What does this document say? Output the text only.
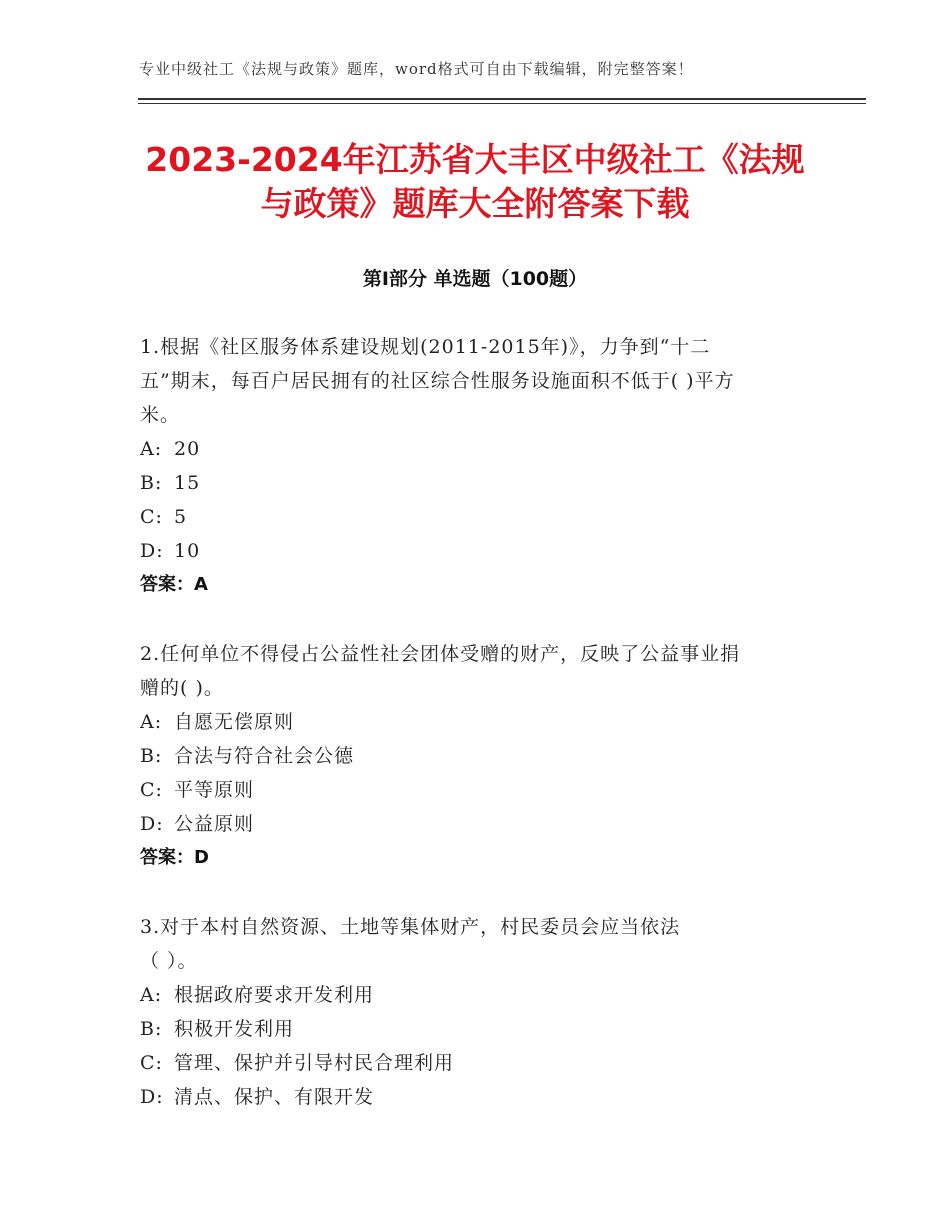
专业中级社工《法规与政策》题库，word格式可自由下载编辑，附完整答案！
2023-2024年江苏省大丰区中级社工《法规
与政策》题库大全附答案下载
第Ⅰ部分 单选题（100题）
1.根据《社区服务体系建设规划(2011-2015年)》，力争到“十二
五”期末，每百户居民拥有的社区综合性服务设施面积不低于( )平方
米。
A: 20
B: 15
C: 5
D: 10
答案：A
2.任何单位不得侵占公益性社会团体受赠的财产，反映了公益事业捐
赠的( )。
A: 自愿无偿原则
B: 合法与符合社会公德
C: 平等原则
D: 公益原则
答案：D
3.对于本村自然资源、土地等集体财产，村民委员会应当依法
（ ）。
A: 根据政府要求开发利用
B: 积极开发利用
C: 管理、保护并引导村民合理利用
D: 清点、保护、有限开发
